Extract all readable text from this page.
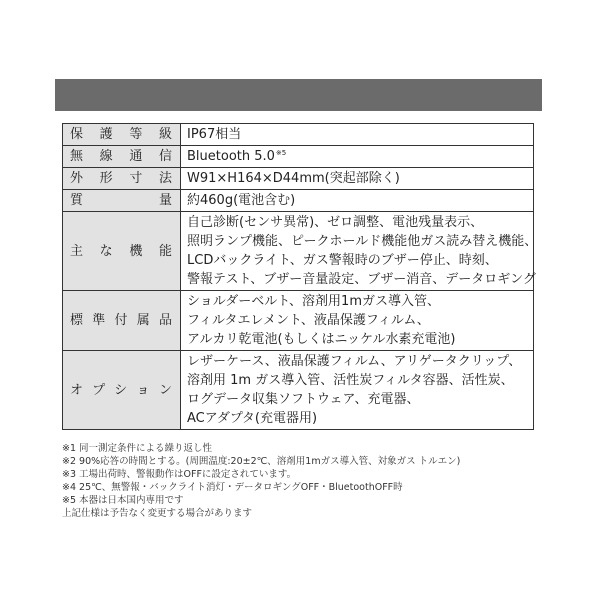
保護等級	IP67相当

無線通信	Bluetooth 5.0$^{※5}$

外形寸法	W91×H164×D44mm(突起部除く)

質量	約460g(電池含む)

主な機能	自己診断(センサ異常)、ゼロ調整、電池残量表示、
照明ランプ機能、ピークホールド機能他ガス読み替え機能、
LCDバックライト、ガス警報時のブザー停止、時刻、
警報テスト、ブザー音量設定、ブザー消音、データロギング

標準付属品	ショルダーベルト、溶剤用1mガス導入管、
フィルタエレメント、液晶保護フィルム、
アルカリ乾電池(もしくはニッケル水素充電池)

オプション	レザーケース、液晶保護フィルム、アリゲータクリップ、
溶剤用 1m ガス導入管、活性炭フィルタ容器、活性炭、
ログデータ収集ソフトウェア、充電器、
ACアダプタ(充電器用)
※1 同一測定条件による繰り返し性
※2 90%応答の時間とする。(周囲温度:20±2℃、溶剤用1mガス導入管、対象ガス トルエン)
※3 工場出荷時、警報動作はOFFに設定されています。
※4 25℃、無警報・バックライト消灯・データロギングOFF・BluetoothOFF時
※5 本器は日本国内専用です
上記仕様は予告なく変更する場合があります
